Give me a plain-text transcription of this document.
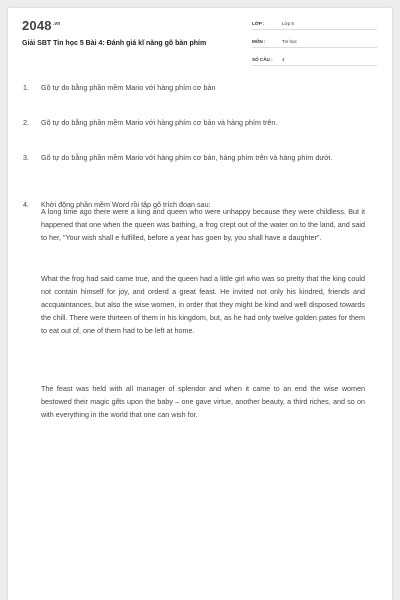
$2048^{.vn}$
Giải SBT Tin học 5 Bài 4: Đánh giá kĩ năng gõ bàn phím
LỚP :	Lớp 5
MÔN :	Tin học
SỐ CÂU :	4
1.	Gõ tự do bằng phần mềm Mario với hàng phím cơ bản
2.	Gõ tự do bằng phần mềm Mario với hàng phím cơ bản và hàng phím trên.
3.	Gõ tự do bằng phần mềm Mario với hàng phím cơ bản, hàng phím trên và hàng phím dưới.
4.	Khởi động phần mềm Word rồi tập gõ trích đoạn sau:

A long time ago there were a king and queen who were unhappy because they were childless. But it happened that one when the queen was bathing, a frog crept out of the water on to the land, and said to her, "Your wish shall e fulfilled, before a year has goen by, you shall have a daughter".

What the frog had said came true, and the queen had a little girl who was so pretty that the king could not contain himself for joy, and orderd a great feast. He invited not only his kindred, friends and accquaintances, but also the wise women, in order that they might be kind and well disposed towards the chill. There were thirteen of them in his kingdom, but, as he had only twelve golden pates for them to eat out of, one of them had to be left at home.

The feast was held with all manager of splendor and when it came to an end the wise women bestowed their magic gifts upon the baby – one gave virtue, another beauty, a third riches, and so on with everything in the world that one can wish for.
